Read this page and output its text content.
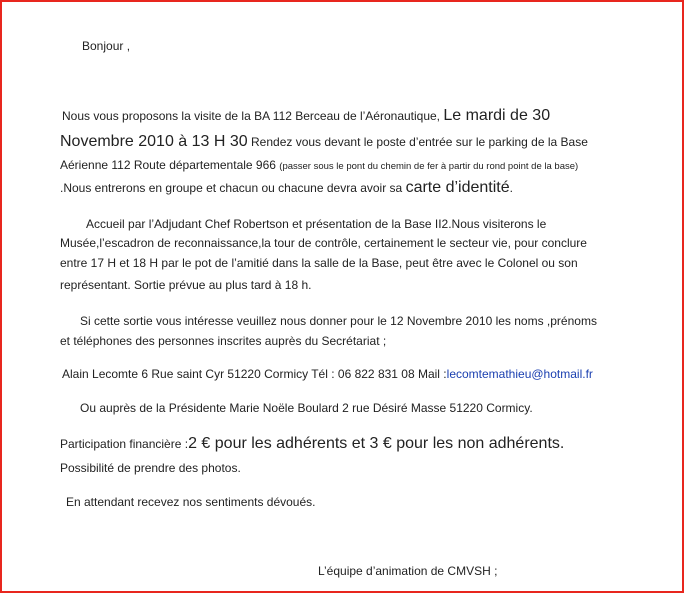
Bonjour ,
Nous vous proposons la visite de la BA 112 Berceau de l’Aéronautique, Le mardi de 30
Novembre 2010 à 13 H 30 Rendez vous devant le poste d’entrée sur le parking de la Base
Aérienne 112 Route départementale 966 (passer sous le pont du chemin de fer à partir du rond point de la base)
.Nous entrerons en groupe et chacun ou chacune devra avoir sa carte d’identité.
Accueil par l’Adjudant Chef Robertson et présentation de la Base II2.Nous visiterons le
Musée,l’escadron de reconnaissance,la tour de contrôle, certainement le secteur vie, pour conclure
entre 17 H et 18 H par le pot de l’amitié dans la salle de la Base, peut être avec le Colonel ou son
représentant. Sortie prévue au plus tard à 18 h.
Si cette sortie vous intéresse veuillez nous donner pour le 12 Novembre 2010 les noms ,prénoms
et téléphones des personnes inscrites auprès du Secrétariat ;
Alain Lecomte 6 Rue saint Cyr 51220 Cormicy Tél : 06 822 831 08 Mail :lecomtemathieu@hotmail.fr
Ou auprès de la Présidente Marie Noële Boulard 2 rue Désiré Masse 51220 Cormicy.
Participation financière :2 € pour les adhérents et 3 € pour les non adhérents.
Possibilité de prendre des photos.
En attendant recevez nos sentiments dévoués.
L’équipe d’animation de CMVSH ;
